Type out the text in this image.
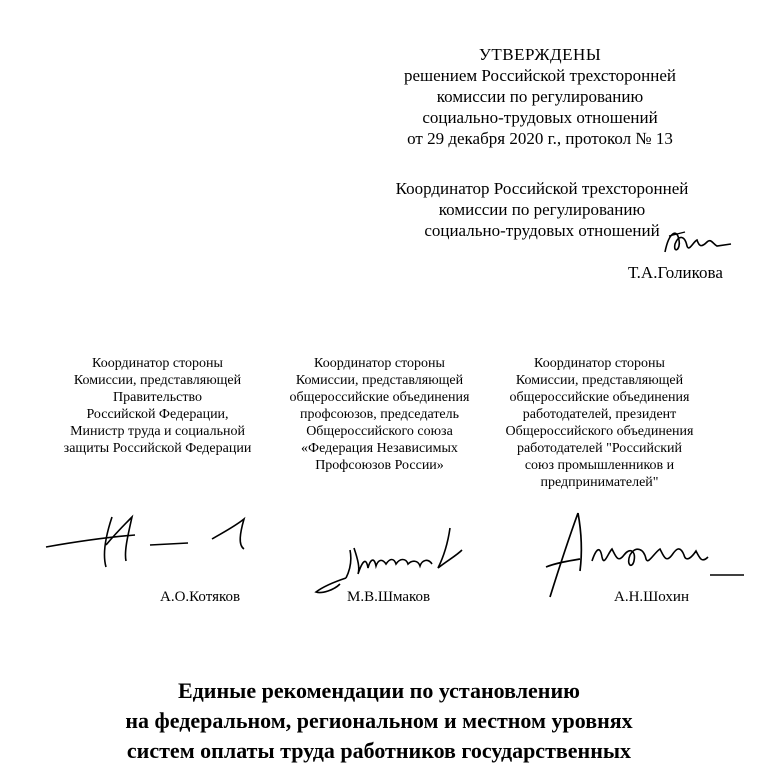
УТВЕРЖДЕНЫ
решением Российской трехсторонней
комиссии по регулированию
социально-трудовых отношений
от 29 декабря 2020 г., протокол № 13
Координатор Российской трехсторонней
комиссии по регулированию
социально-трудовых отношений
Т.А.Голикова
Координатор стороны
Комиссии, представляющей
Правительство
Российской Федерации,
Министр труда и социальной
защиты Российской Федерации
Координатор стороны
Комиссии, представляющей
общероссийские объединения
профсоюзов, председатель
Общероссийского союза
«Федерация Независимых
Профсоюзов России»
Координатор стороны
Комиссии, представляющей
общероссийские объединения
работодателей, президент
Общероссийского объединения
работодателей "Российский
союз промышленников и
предпринимателей"
А.О.Котяков	М.В.Шмаков	А.Н.Шохин
Единые рекомендации по установлению
на федеральном, региональном и местном уровнях
систем оплаты труда работников государственных
